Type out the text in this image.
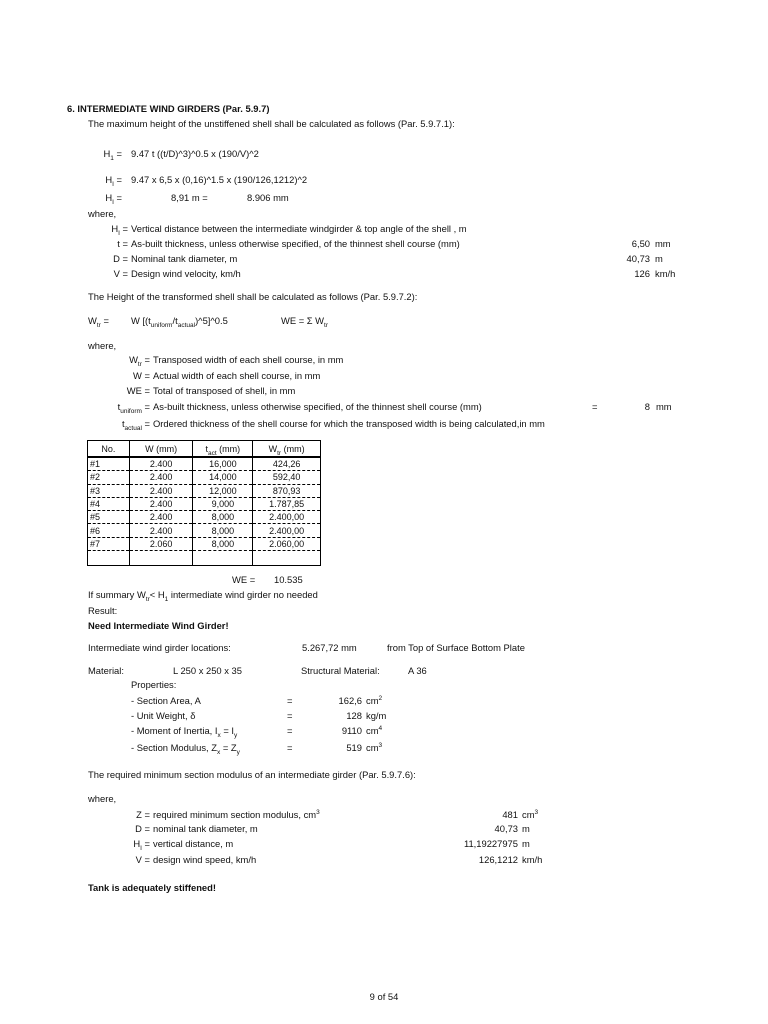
6. INTERMEDIATE WIND GIRDERS (Par. 5.9.7)
The maximum height of the unstiffened shell shall be calculated as follows (Par. 5.9.7.1):
$H_1 = 9.47$ t ((t/D)^3)^0.5 x (190/V)^2
$H_I = 9.47$ x 6,5 x (0,16)^1.5 x (190/126,1212)^2
$H_I$ =	8,91 m =	8.906 mm
where,
$H_I$ = Vertical distance between the intermediate windgirder & top angle of the shell , m
t = As-built thickness, unless otherwise specified, of the thinnest shell course (mm)	6,50 mm
D = Nominal tank diameter, m	40,73 m
V = Design wind velocity, km/h	126 km/h
The Height of the transformed shell shall be calculated as follows (Par. 5.9.7.2):
$W_{tr} = W$ $[(t_{uniform}/t_{actual})\^{}5]\^{}0.5$	WE = Σ $W_{tr}$
where,
$W_{tr}$ = Transposed width of each shell course, in mm
W = Actual width of each shell course, in mm
WE = Total of transposed of shell, in mm
$t_{uniform}$ = As-built thickness, unless otherwise specified, of the thinnest shell course (mm)	=	8 mm
$t_{actual}$ = Ordered thickness of the shell course for which the transposed width is being calculated,in mm
No.	W (mm)	$t_{act}$ (mm)	$W_{tr}$ (mm)
#1	2.400	16,000	424,26
#2	2.400	14,000	592,40
#3	2.400	12,000	870,93
#4	2.400	9,000	1.787,85
#5	2.400	8,000	2.400,00
#6	2.400	8,000	2.400,00
#7	2.060	8,000	2.060,00

WE = 10.535
If summary $W_{tr}< H_1$ intermediate wind girder no needed
Result:
Need Intermediate Wind Girder!
Intermediate wind girder locations:	5.267,72 mm	from Top of Surface Bottom Plate
Material:	L 250 x 250 x 35	Structural Material:	A 36
Properties:
- Section Area, A	=	162,6 $cm^2$
- Unit Weight, δ	=	128 kg/m
- Moment of Inertia, $I_x = I_y$	=	9110 $cm^4$
- Section Modulus, $Z_x = Z_y$	=	519 $cm^3$
The required minimum section modulus of an intermediate girder (Par. 5.9.7.6):
where,
Z = required minimum section modulus, $cm^3$	481 $cm^3$
D = nominal tank diameter, m	40,73 m
$H_I$ = vertical distance, m	11,19227975 m
V = design wind speed, km/h	126,1212 km/h
Tank is adequately stiffened!
9 of 54
